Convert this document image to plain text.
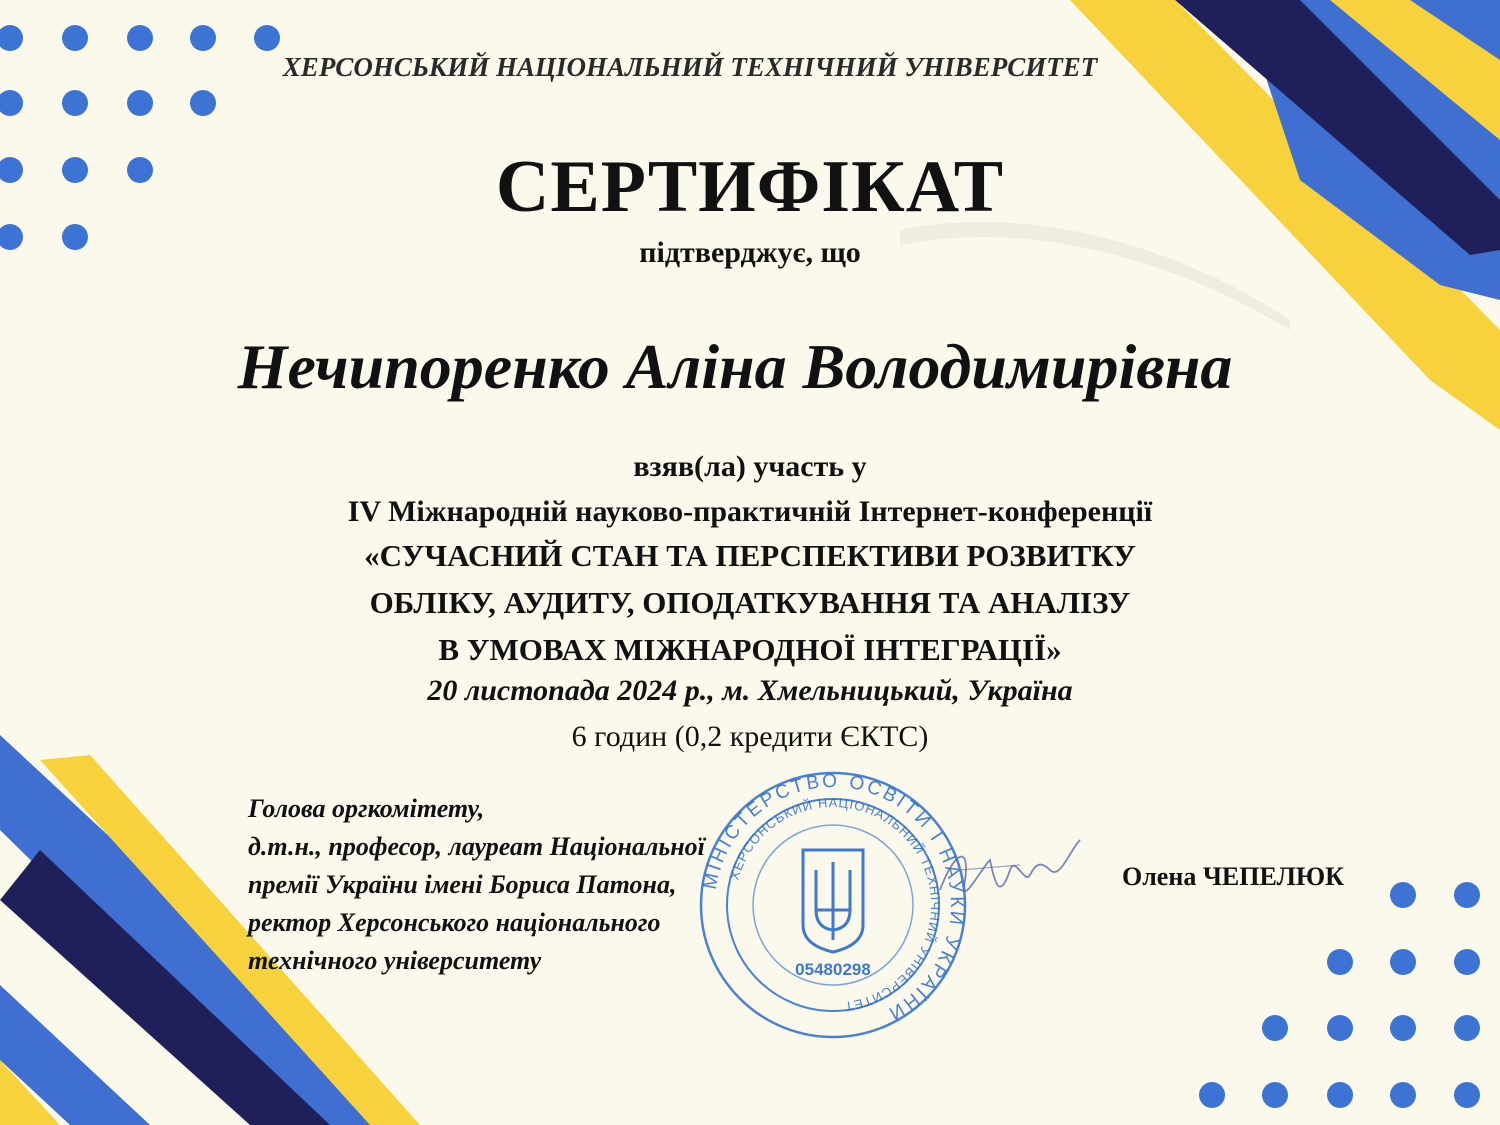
ХЕРСОНСЬКИЙ НАЦІОНАЛЬНИЙ ТЕХНІЧНИЙ УНІВЕРСИТЕТ
СЕРТИФІКАТ
підтверджує, що
Нечипоренко Аліна Володимирівна
взяв(ла) участь у
IV Міжнародній науково-практичній Інтернет-конференції
«СУЧАСНИЙ СТАН ТА ПЕРСПЕКТИВИ РОЗВИТКУ
ОБЛІКУ, АУДИТУ, ОПОДАТКУВАННЯ ТА АНАЛІЗУ
В УМОВАХ МІЖНАРОДНОЇ ІНТЕГРАЦІЇ»
20 листопада 2024 р., м. Хмельницький, Україна
6 годин (0,2 кредити ЄКТС)
Голова оргкомітету,
д.т.н., професор, лауреат Національної
премії України імені Бориса Патона,
ректор Херсонського національного
технічного університету
МІНІСТЕРСТВО ОСВІТИ І НАУКИ УКРАЇНИ
ХЕРСОНСЬКИЙ НАЦІОНАЛЬНИЙ ТЕХНІЧНИЙ УНІВЕРСИТЕТ
05480298
Олена ЧЕПЕЛЮК
